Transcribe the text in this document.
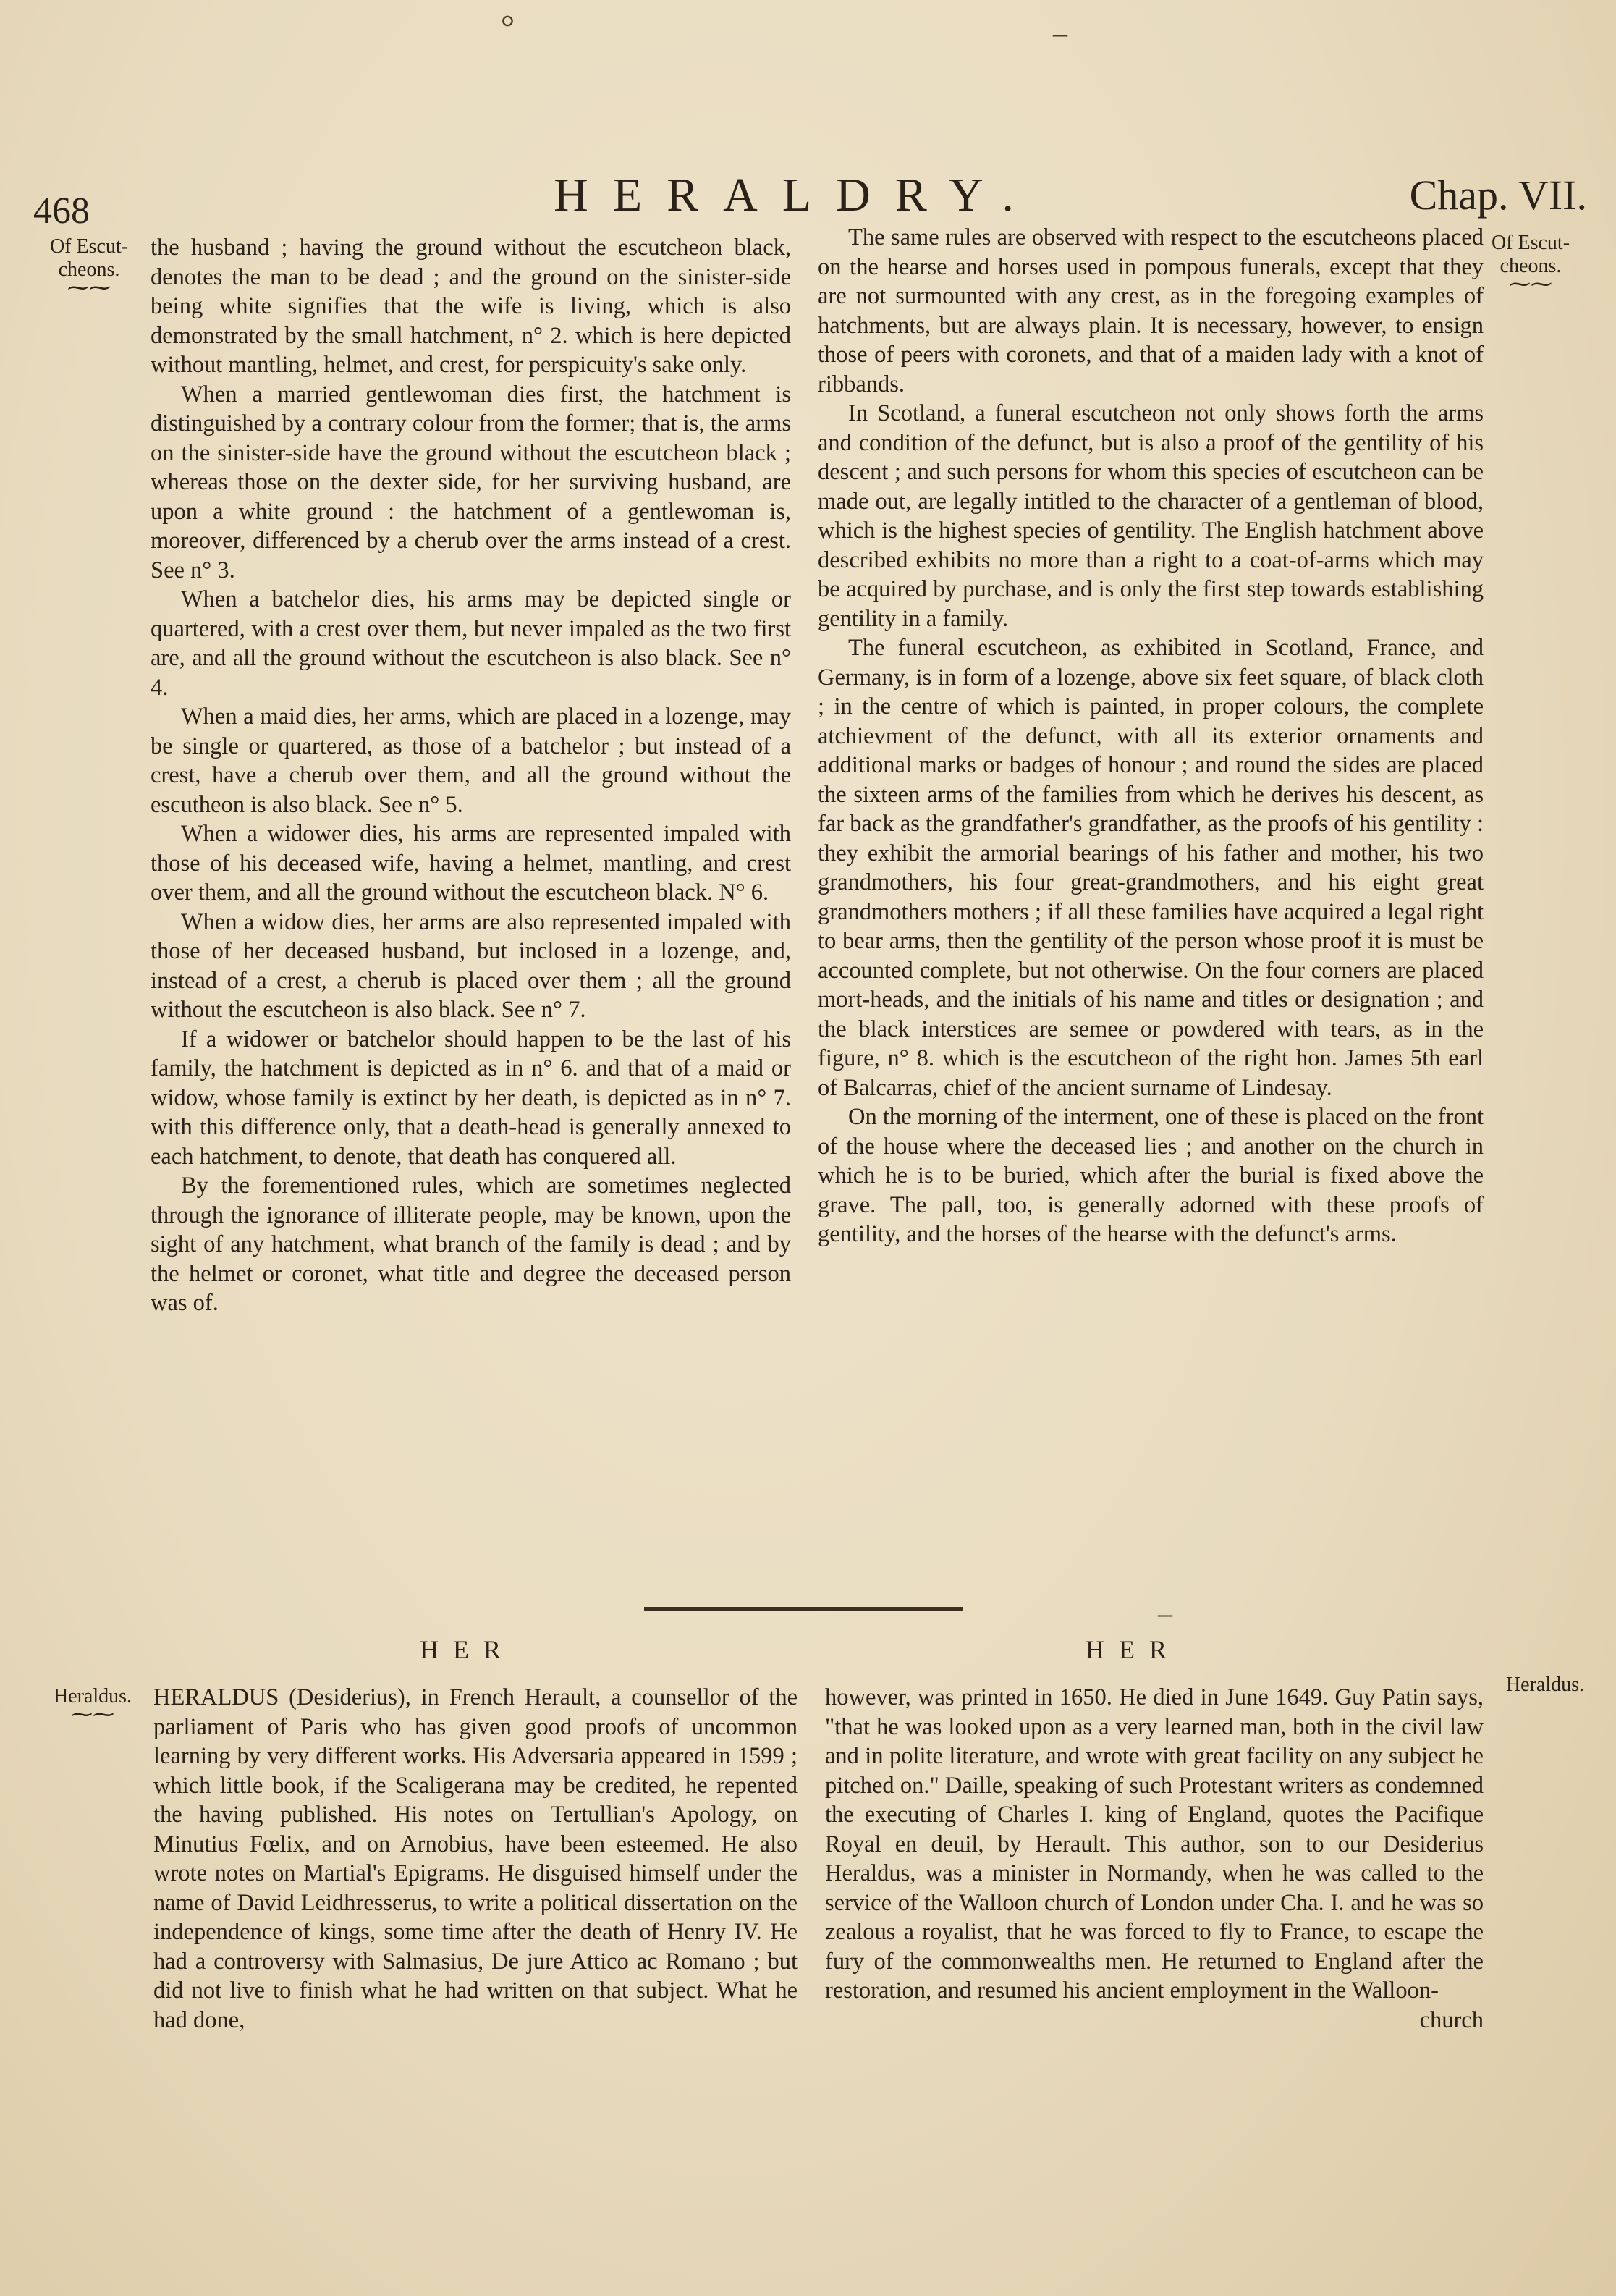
⸰	‒
468	HERALDRY.	Chap. VII.
Of Escut-
cheons.
⁓⁓
Of Escut-
cheons.
⁓⁓

the husband ; having the ground without the escutcheon black, denotes the man to be dead ; and the ground on the sinister-side being white signifies that the wife is living, which is also demonstrated by the small hatchment, n° 2. which is here depicted without mantling, helmet, and crest, for perspicuity's sake only.

When a married gentlewoman dies first, the hatchment is distinguished by a contrary colour from the former; that is, the arms on the sinister-side have the ground without the escutcheon black ; whereas those on the dexter side, for her surviving husband, are upon a white ground : the hatchment of a gentlewoman is, moreover, differenced by a cherub over the arms instead of a crest. See n° 3.

When a batchelor dies, his arms may be depicted single or quartered, with a crest over them, but never impaled as the two first are, and all the ground without the escutcheon is also black. See n° 4.

When a maid dies, her arms, which are placed in a lozenge, may be single or quartered, as those of a batchelor ; but instead of a crest, have a cherub over them, and all the ground without the escutheon is also black. See n° 5.

When a widower dies, his arms are represented impaled with those of his deceased wife, having a helmet, mantling, and crest over them, and all the ground without the escutcheon black. N° 6.

When a widow dies, her arms are also represented impaled with those of her deceased husband, but inclosed in a lozenge, and, instead of a crest, a cherub is placed over them ; all the ground without the escutcheon is also black. See n° 7.

If a widower or batchelor should happen to be the last of his family, the hatchment is depicted as in n° 6. and that of a maid or widow, whose family is extinct by her death, is depicted as in n° 7. with this difference only, that a death-head is generally annexed to each hatchment, to denote, that death has conquered all.

By the forementioned rules, which are sometimes neglected through the ignorance of illiterate people, may be known, upon the sight of any hatchment, what branch of the family is dead ; and by the helmet or coronet, what title and degree the deceased person was of.

The same rules are observed with respect to the escutcheons placed on the hearse and horses used in pompous funerals, except that they are not surmounted with any crest, as in the foregoing examples of hatchments, but are always plain. It is necessary, however, to ensign those of peers with coronets, and that of a maiden lady with a knot of ribbands.

In Scotland, a funeral escutcheon not only shows forth the arms and condition of the defunct, but is also a proof of the gentility of his descent ; and such persons for whom this species of escutcheon can be made out, are legally intitled to the character of a gentleman of blood, which is the highest species of gentility. The English hatchment above described exhibits no more than a right to a coat-of-arms which may be acquired by purchase, and is only the first step towards establishing gentility in a family.

The funeral escutcheon, as exhibited in Scotland, France, and Germany, is in form of a lozenge, above six feet square, of black cloth ; in the centre of which is painted, in proper colours, the complete atchievment of the defunct, with all its exterior ornaments and additional marks or badges of honour ; and round the sides are placed the sixteen arms of the families from which he derives his descent, as far back as the grandfather's grandfather, as the proofs of his gentility : they exhibit the armorial bearings of his father and mother, his two grandmothers, his four great-grandmothers, and his eight great grandmothers mothers ; if all these families have acquired a legal right to bear arms, then the gentility of the person whose proof it is must be accounted complete, but not otherwise. On the four corners are placed mort-heads, and the initials of his name and titles or designation ; and the black interstices are semee or powdered with tears, as in the figure, n° 8. which is the escutcheon of the right hon. James 5th earl of Balcarras, chief of the ancient surname of Lindesay.

On the morning of the interment, one of these is placed on the front of the house where the deceased lies ; and another on the church in which he is to be buried, which after the burial is fixed above the grave. The pall, too, is generally adorned with these proofs of gentility, and the horses of the hearse with the defunct's arms.

‒
HER	HER
Heraldus.
⁓⁓
Heraldus.

HERALDUS (Desiderius), in French Herault, a counsellor of the parliament of Paris who has given good proofs of uncommon learning by very different works. His Adversaria appeared in 1599 ; which little book, if the Scaligerana may be credited, he repented the having published. His notes on Tertullian's Apology, on Minutius Fœlix, and on Arnobius, have been esteemed. He also wrote notes on Martial's Epigrams. He disguised himself under the name of David Leidhresserus, to write a political dissertation on the independence of kings, some time after the death of Henry IV. He had a controversy with Salmasius, De jure Attico ac Romano ; but did not live to finish what he had written on that subject. What he had done,

however, was printed in 1650. He died in June 1649. Guy Patin says, "that he was looked upon as a very learned man, both in the civil law and in polite literature, and wrote with great facility on any subject he pitched on." Daille, speaking of such Protestant writers as condemned the executing of Charles I. king of England, quotes the Pacifique Royal en deuil, by Herault. This author, son to our Desiderius Heraldus, was a minister in Normandy, when he was called to the service of the Walloon church of London under Cha. I. and he was so zealous a royalist, that he was forced to fly to France, to escape the fury of the commonwealths men. He returned to England after the restoration, and resumed his ancient employment in the Walloon-

church
